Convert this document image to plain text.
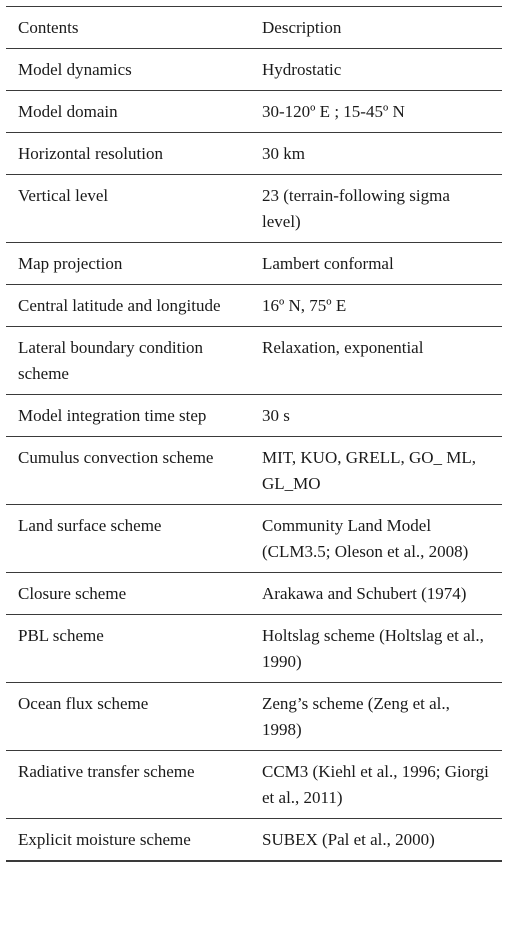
Contents	Description
Model dynamics	Hydrostatic
Model domain	30-120º E ; 15-45º N
Horizontal resolution	30 km
Vertical level	23 (terrain-following sigma level)
Map projection	Lambert conformal
Central latitude and longitude	16º N, 75º E
Lateral boundary condition scheme	Relaxation, exponential
Model integration time step	30 s
Cumulus convection scheme	MIT, KUO, GRELL, GO_ ML, GL_MO
Land surface scheme	Community Land Model (CLM3.5; Oleson et al., 2008)
Closure scheme	Arakawa and Schubert (1974)
PBL scheme	Holtslag scheme (Holtslag et al., 1990)
Ocean flux scheme	Zeng’s scheme (Zeng et al., 1998)
Radiative transfer scheme	CCM3 (Kiehl et al., 1996; Giorgi et al., 2011)
Explicit moisture scheme	SUBEX (Pal et al., 2000)
